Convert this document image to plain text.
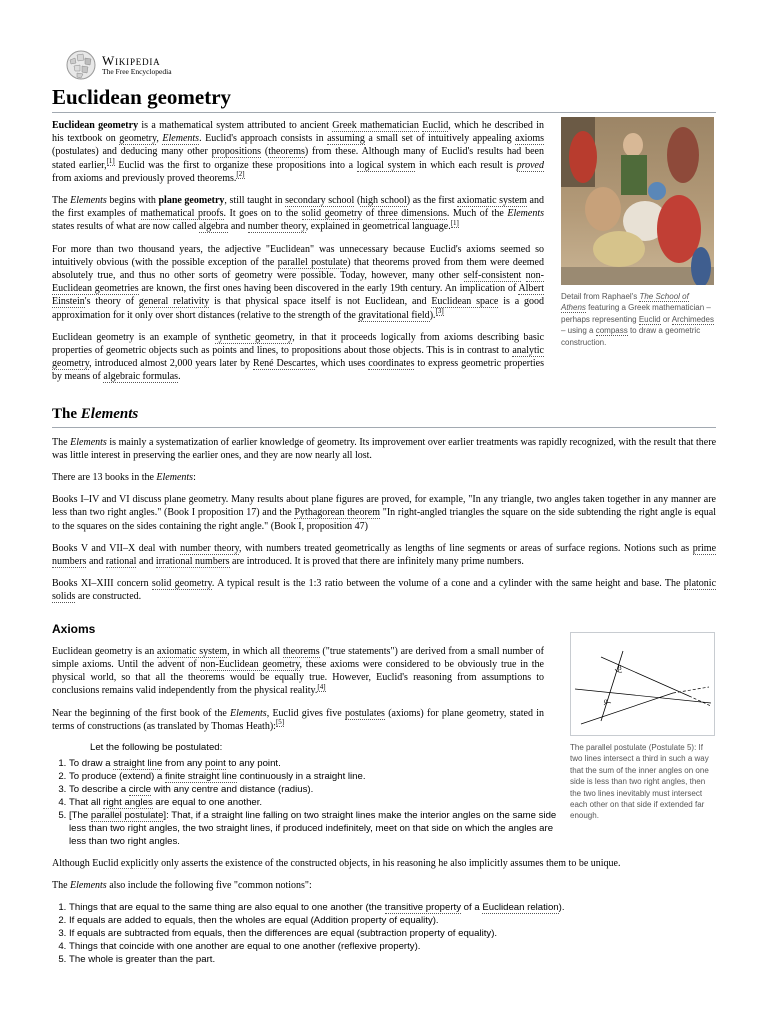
Wikipedia
The Free Encyclopedia
Euclidean geometry

Euclidean geometry is a mathematical system attributed to ancient Greek mathematician Euclid, which he described in his textbook on geometry, Elements. Euclid's approach consists in assuming a small set of intuitively appealing axioms (postulates) and deducing many other propositions (theorems) from these. Although many of Euclid's results had been stated earlier,[1] Euclid was the first to organize these propositions into a logical system in which each result is proved from axioms and previously proved theorems.[2]

The Elements begins with plane geometry, still taught in secondary school (high school) as the first axiomatic system and the first examples of mathematical proofs. It goes on to the solid geometry of three dimensions. Much of the Elements states results of what are now called algebra and number theory, explained in geometrical language.[1]

For more than two thousand years, the adjective "Euclidean" was unnecessary because Euclid's axioms seemed so intuitively obvious (with the possible exception of the parallel postulate) that theorems proved from them were deemed absolutely true, and thus no other sorts of geometry were possible. Today, however, many other self-consistent non-Euclidean geometries are known, the first ones having been discovered in the early 19th century. An implication of Albert Einstein's theory of general relativity is that physical space itself is not Euclidean, and Euclidean space is a good approximation for it only over short distances (relative to the strength of the gravitational field).[3]

Euclidean geometry is an example of synthetic geometry, in that it proceeds logically from axioms describing basic properties of geometric objects such as points and lines, to propositions about those objects. This is in contrast to analytic geometry, introduced almost 2,000 years later by René Descartes, which uses coordinates to express geometric properties by means of algebraic formulas.

Detail from Raphael's The School of Athens featuring a Greek mathematician – perhaps representing Euclid or Archimedes – using a compass to draw a geometric construction.
The Elements

The Elements is mainly a systematization of earlier knowledge of geometry. Its improvement over earlier treatments was rapidly recognized, with the result that there was little interest in preserving the earlier ones, and they are now nearly all lost.

There are 13 books in the Elements:

Books I–IV and VI discuss plane geometry. Many results about plane figures are proved, for example, "In any triangle, two angles taken together in any manner are less than two right angles." (Book I proposition 17) and the Pythagorean theorem "In right-angled triangles the square on the side subtending the right angle is equal to the squares on the sides containing the right angle." (Book I, proposition 47)

Books V and VII–X deal with number theory, with numbers treated geometrically as lengths of line segments or areas of surface regions. Notions such as prime numbers and rational and irrational numbers are introduced. It is proved that there are infinitely many prime numbers.

Books XI–XIII concern solid geometry. A typical result is the 1:3 ratio between the volume of a cone and a cylinder with the same height and base. The platonic solids are constructed.

Axioms

Euclidean geometry is an axiomatic system, in which all theorems ("true statements") are derived from a small number of simple axioms. Until the advent of non-Euclidean geometry, these axioms were considered to be obviously true in the physical world, so that all the theorems would be equally true. However, Euclid's reasoning from assumptions to conclusions remains valid independently from the physical reality.[4]

Near the beginning of the first book of the Elements, Euclid gives five postulates (axioms) for plane geometry, stated in terms of constructions (as translated by Thomas Heath):[5]

Let the following be postulated:
1. To draw a straight line from any point to any point.
2. To produce (extend) a finite straight line continuously in a straight line.
3. To describe a circle with any centre and distance (radius).
4. That all right angles are equal to one another.
5. [The parallel postulate]: That, if a straight line falling on two straight lines make the interior angles on the same side less than two right angles, the two straight lines, if produced indefinitely, meet on that side on which the angles are less than two right angles.

Although Euclid explicitly only asserts the existence of the constructed objects, in his reasoning he also implicitly assumes them to be unique.

The Elements also include the following five "common notions":

1. Things that are equal to the same thing are also equal to one another (the transitive property of a Euclidean relation).
2. If equals are added to equals, then the wholes are equal (Addition property of equality).
3. If equals are subtracted from equals, then the differences are equal (subtraction property of equality).
4. Things that coincide with one another are equal to one another (reflexive property).
5. The whole is greater than the part.
β
α
The parallel postulate (Postulate 5): If two lines intersect a third in such a way that the sum of the inner angles on one side is less than two right angles, then the two lines inevitably must intersect each other on that side if extended far enough.
